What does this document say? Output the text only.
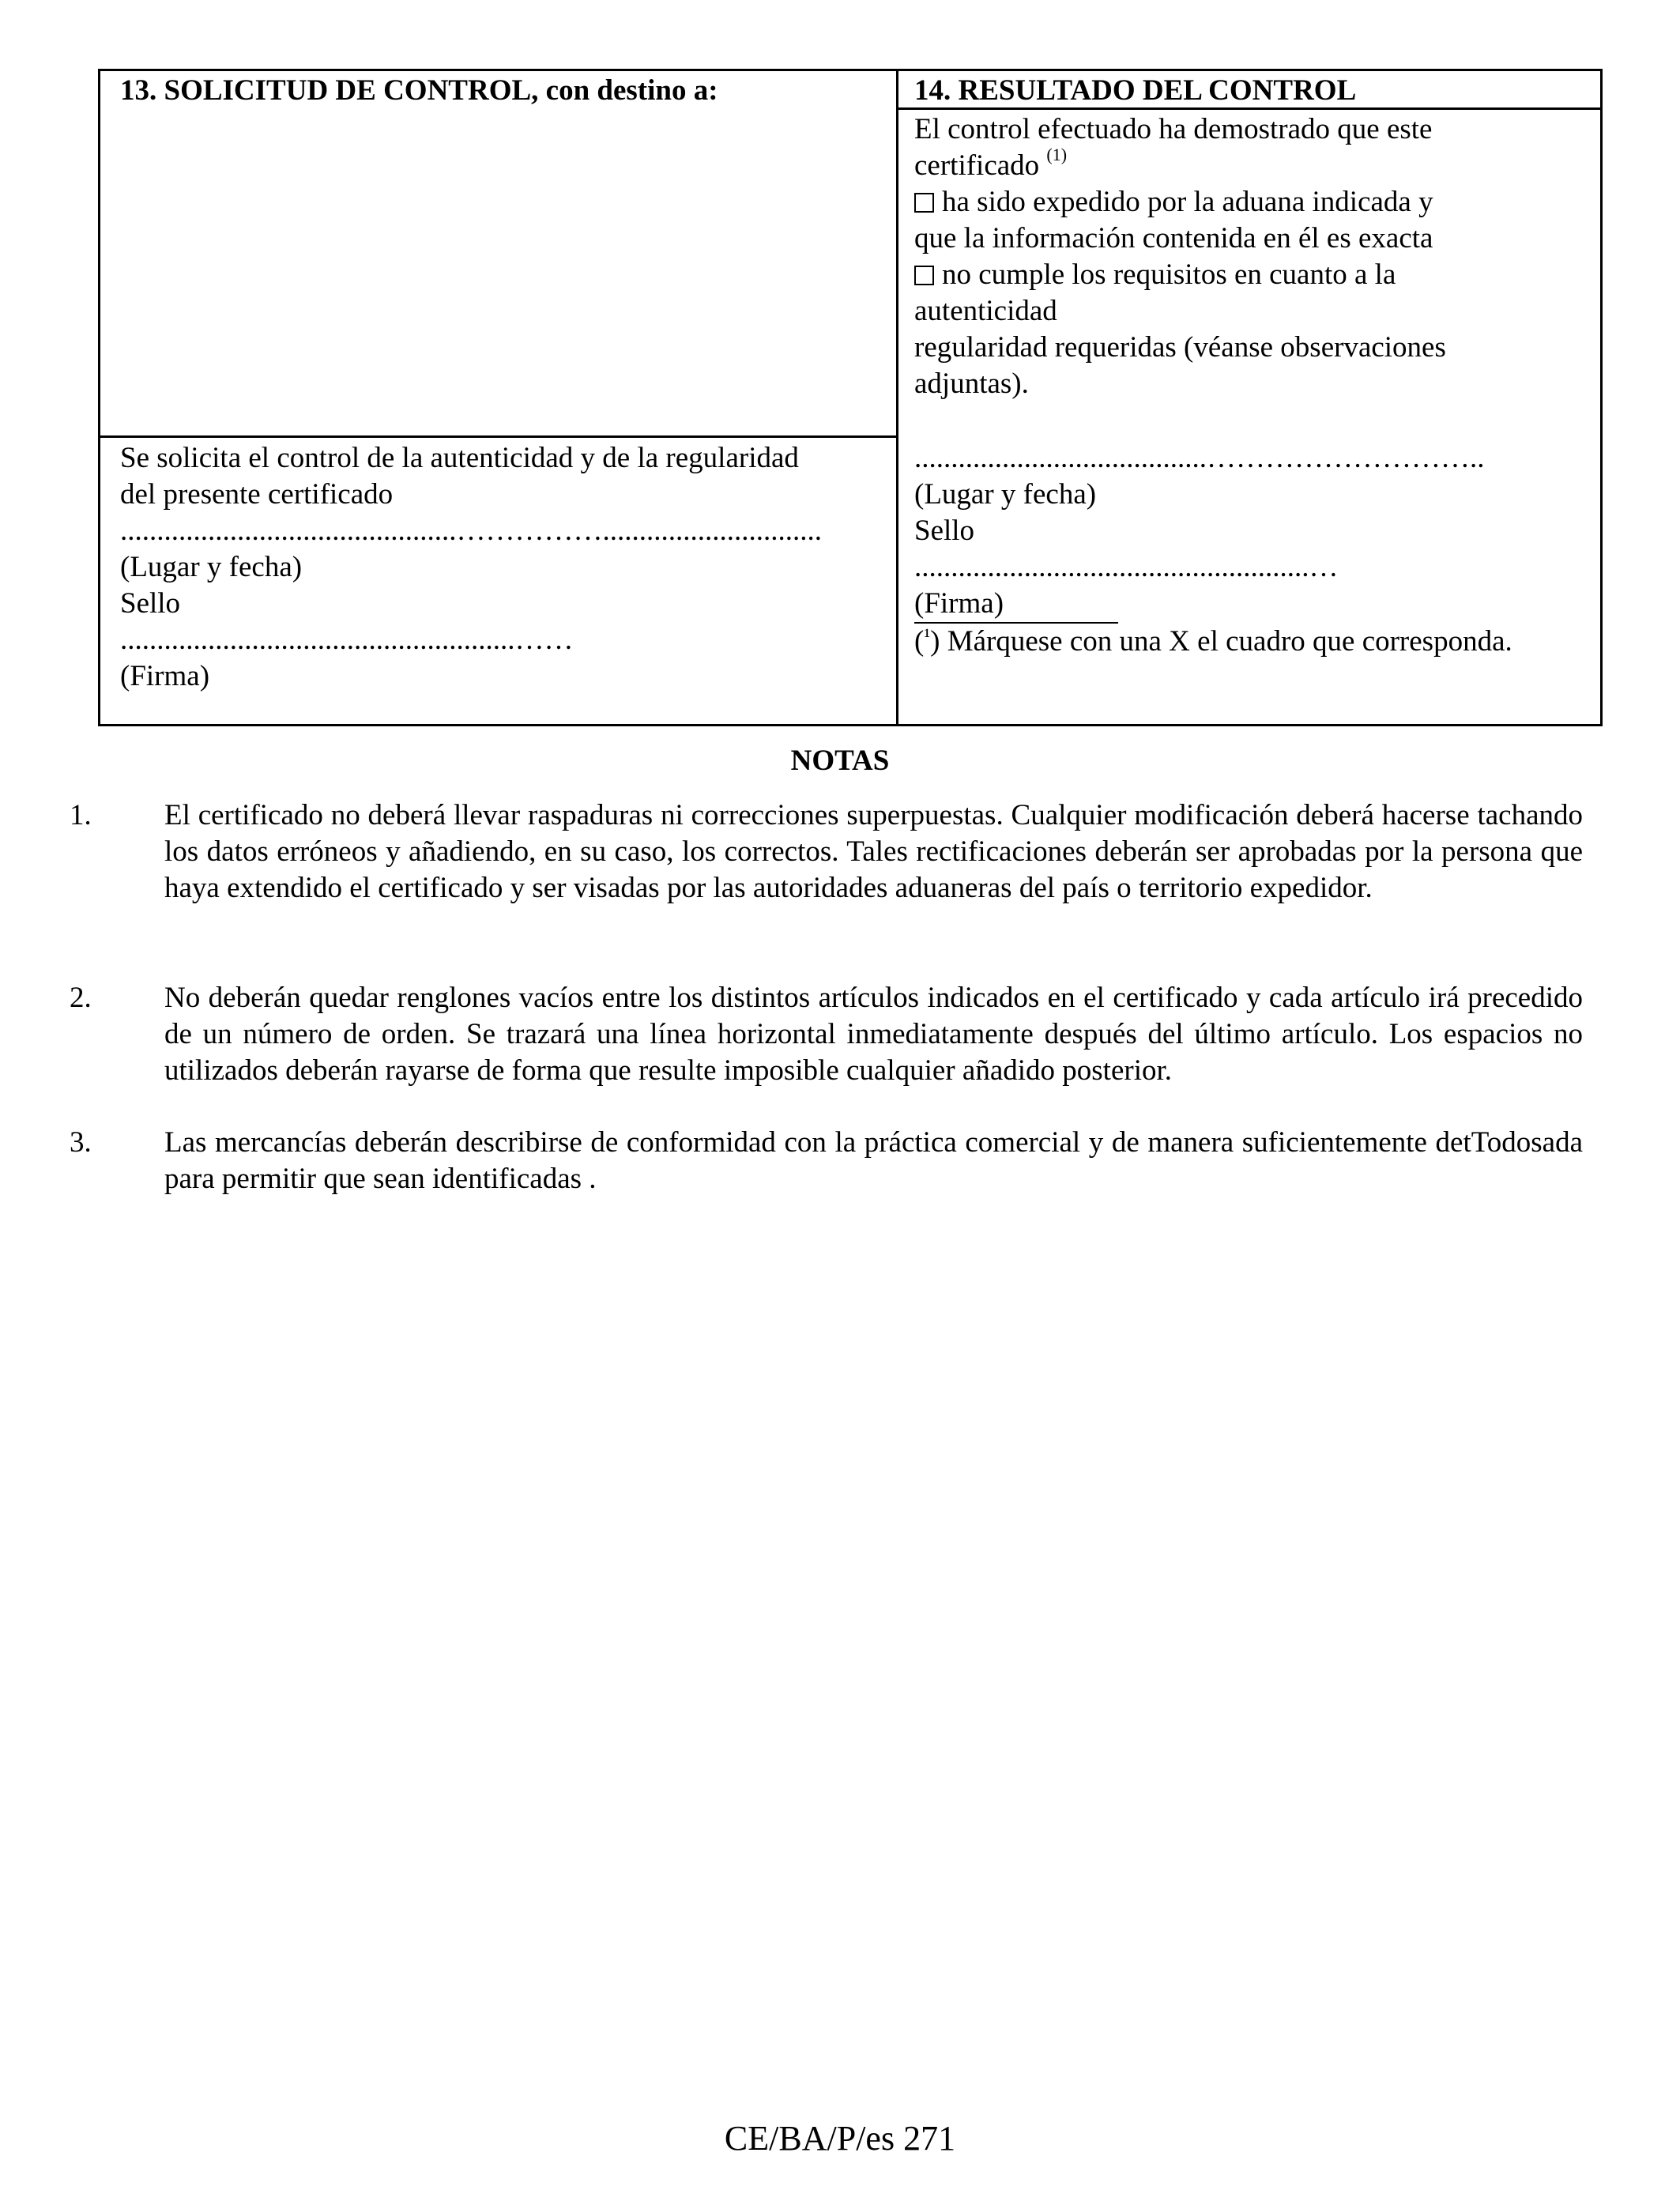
13. SOLICITUD DE CONTROL, con destino a:	14. RESULTADO DEL CONTROL
El control efectuado ha demostrado que este
certificado $^{(1)}$
ha sido expedido por la aduana indicada y
que la información contenida en él es exacta
no cumple los requisitos en cuanto a la
autenticidad
regularidad requeridas (véanse observaciones
adjuntas).
Se solicita el control de la autenticidad y de la regularidad
del presente certificado
..............................................……………..............................
(Lugar y fecha)
Sello
......................................................……
(Firma)
........................................………………………..
(Lugar y fecha)
Sello
......................................................…
(Firma)
($^{^1}$) Márquese con una X el cuadro que corresponda.
NOTAS
1. El certificado no deberá llevar raspaduras ni correcciones superpuestas. Cualquier modificación deberá hacerse tachando los datos erróneos y añadiendo, en su caso, los correctos. Tales rectificaciones deberán ser aprobadas por la persona que haya extendido el certificado y ser visadas por las autoridades aduaneras del país o territorio expedidor.
2. No deberán quedar renglones vacíos entre los distintos artículos indicados en el certificado y cada artículo irá precedido de un número de orden. Se trazará una línea horizontal inmediatamente después del último artículo. Los espacios no utilizados deberán rayarse de forma que resulte imposible cualquier añadido posterior.
3. Las mercancías deberán describirse de conformidad con la práctica comercial y de manera suficientemente detTodosada para permitir que sean identificadas .
CE/BA/P/es 271
